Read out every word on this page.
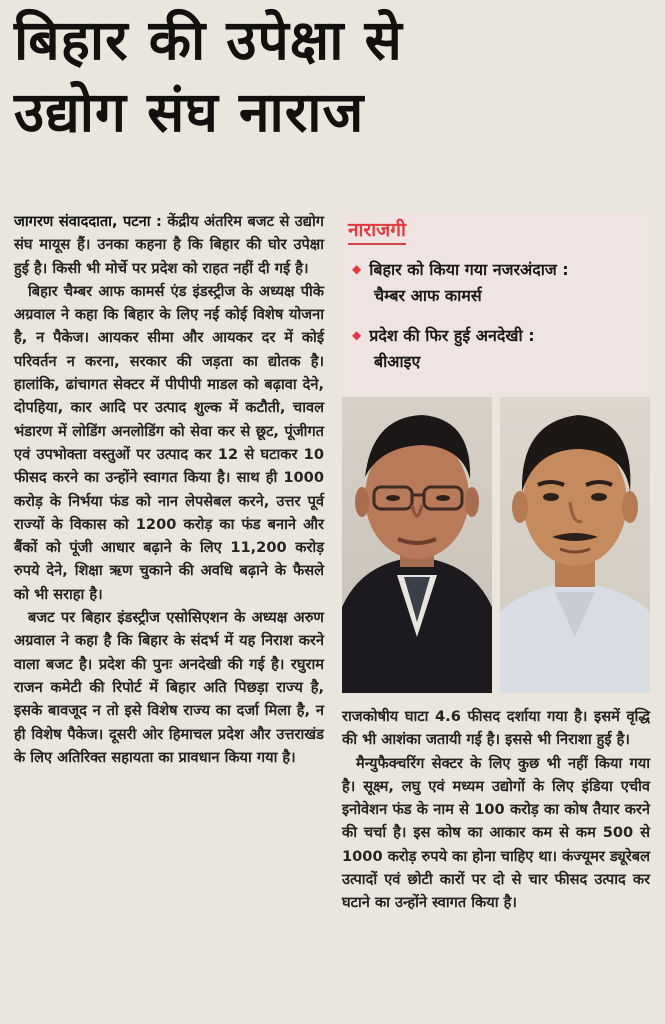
बिहार की उपेक्षा से
उद्योग संघ नाराज

जागरण संवाददाता, पटना : केंद्रीय अंतरिम बजट से उद्योग संघ मायूस हैं। उनका कहना है कि बिहार की घोर उपेक्षा हुई है। किसी भी मोर्चे पर प्रदेश को राहत नहीं दी गई है।

बिहार चैम्बर आफ कामर्स एंड इंडस्ट्रीज के अध्यक्ष पीके अग्रवाल ने कहा कि बिहार के लिए नई कोई विशेष योजना है, न पैकेज। आयकर सीमा और आयकर दर में कोई परिवर्तन न करना, सरकार की जड़ता का द्योतक है। हालांकि, ढांचागत सेक्टर में पीपीपी माडल को बढ़ावा देने, दोपहिया, कार आदि पर उत्पाद शुल्क में कटौती, चावल भंडारण में लोडिंग अनलोडिंग को सेवा कर से छूट, पूंजीगत एवं उपभोक्ता वस्तुओं पर उत्पाद कर 12 से घटाकर 10 फीसद करने का उन्होंने स्वागत किया है। साथ ही 1000 करोड़ के निर्भया फंड को नान लेपसेबल करने, उत्तर पूर्व राज्यों के विकास को 1200 करोड़ का फंड बनाने और बैंकों को पूंजी आधार बढ़ाने के लिए 11,200 करोड़ रुपये देने, शिक्षा ऋण चुकाने की अवधि बढ़ाने के फैसले को भी सराहा है।

बजट पर बिहार इंडस्ट्रीज एसोसिएशन के अध्यक्ष अरुण अग्रवाल ने कहा है कि बिहार के संदर्भ में यह निराश करने वाला बजट है। प्रदेश की पुनः अनदेखी की गई है। रघुराम राजन कमेटी की रिपोर्ट में बिहार अति पिछड़ा राज्य है, इसके बावजूद न तो इसे विशेष राज्य का दर्जा मिला है, न ही विशेष पैकेज। दूसरी ओर हिमाचल प्रदेश और उत्तराखंड के लिए अतिरिक्त सहायता का प्रावधान किया गया है।

नाराजगी
◆ बिहार को किया गया नजरअंदाज :
चैम्बर आफ कामर्स
◆ प्रदेश की फिर हुई अनदेखी :
बीआइए

राजकोषीय घाटा 4.6 फीसद दर्शाया गया है। इसमें वृद्धि की भी आशंका जतायी गई है। इससे भी निराशा हुई है।

मैन्युफैक्चरिंग सेक्टर के लिए कुछ भी नहीं किया गया है। सूक्ष्म, लघु एवं मध्यम उद्योगों के लिए इंडिया एचीव इनोवेशन फंड के नाम से 100 करोड़ का कोष तैयार करने की चर्चा है। इस कोष का आकार कम से कम 500 से 1000 करोड़ रुपये का होना चाहिए था। कंज्यूमर ड्यूरेबल उत्पादों एवं छोटी कारों पर दो से चार फीसद उत्पाद कर घटाने का उन्होंने स्वागत किया है।
